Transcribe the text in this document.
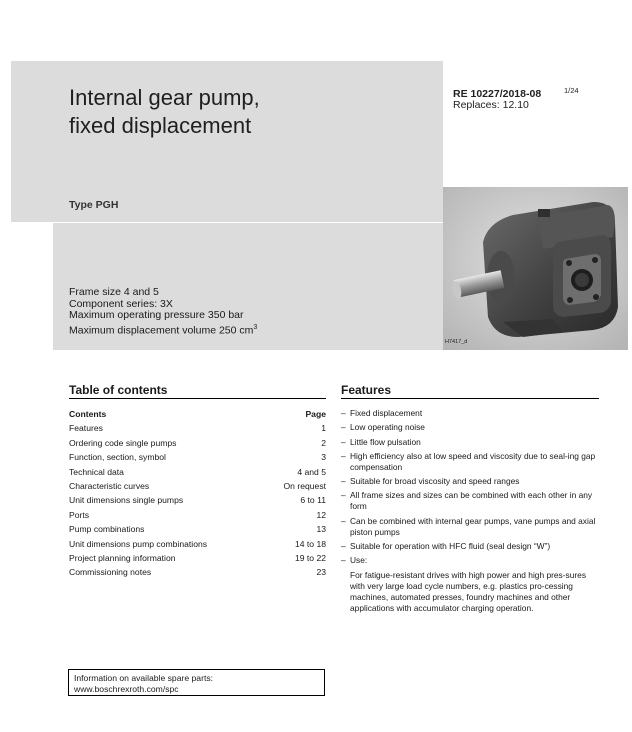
Internal gear pump,
fixed displacement
RE 10227/2018-08
Replaces: 12.10
1/24
Type PGH
Frame size 4 and 5
Component series: 3X
Maximum operating pressure 350 bar
Maximum displacement volume 250 $cm^3$
H7417_d
Table of contents
Contents	Page
Features	1
Ordering code single pumps	2
Function, section, symbol	3
Technical data	4 and 5
Characteristic curves	On request
Unit dimensions single pumps	6 to 11
Ports	12
Pump combinations	13
Unit dimensions pump combinations	14 to 18
Project planning information	19 to 22
Commissioning notes	23
Features
– Fixed displacement
– Low operating noise
– Little flow pulsation
– High efficiency also at low speed and viscosity due to seal-ing gap compensation
– Suitable for broad viscosity and speed ranges
– All frame sizes and sizes can be combined with each other in any form
– Can be combined with internal gear pumps, vane pumps and axial piston pumps
– Suitable for operation with HFC fluid (seal design “W”)
– Use:
For fatigue-resistant drives with high power and high pres-sures with very large load cycle numbers, e.g. plastics pro-cessing machines, automated presses, foundry machines and other applications with accumulator charging operation.
Information on available spare parts:
www.boschrexroth.com/spc
